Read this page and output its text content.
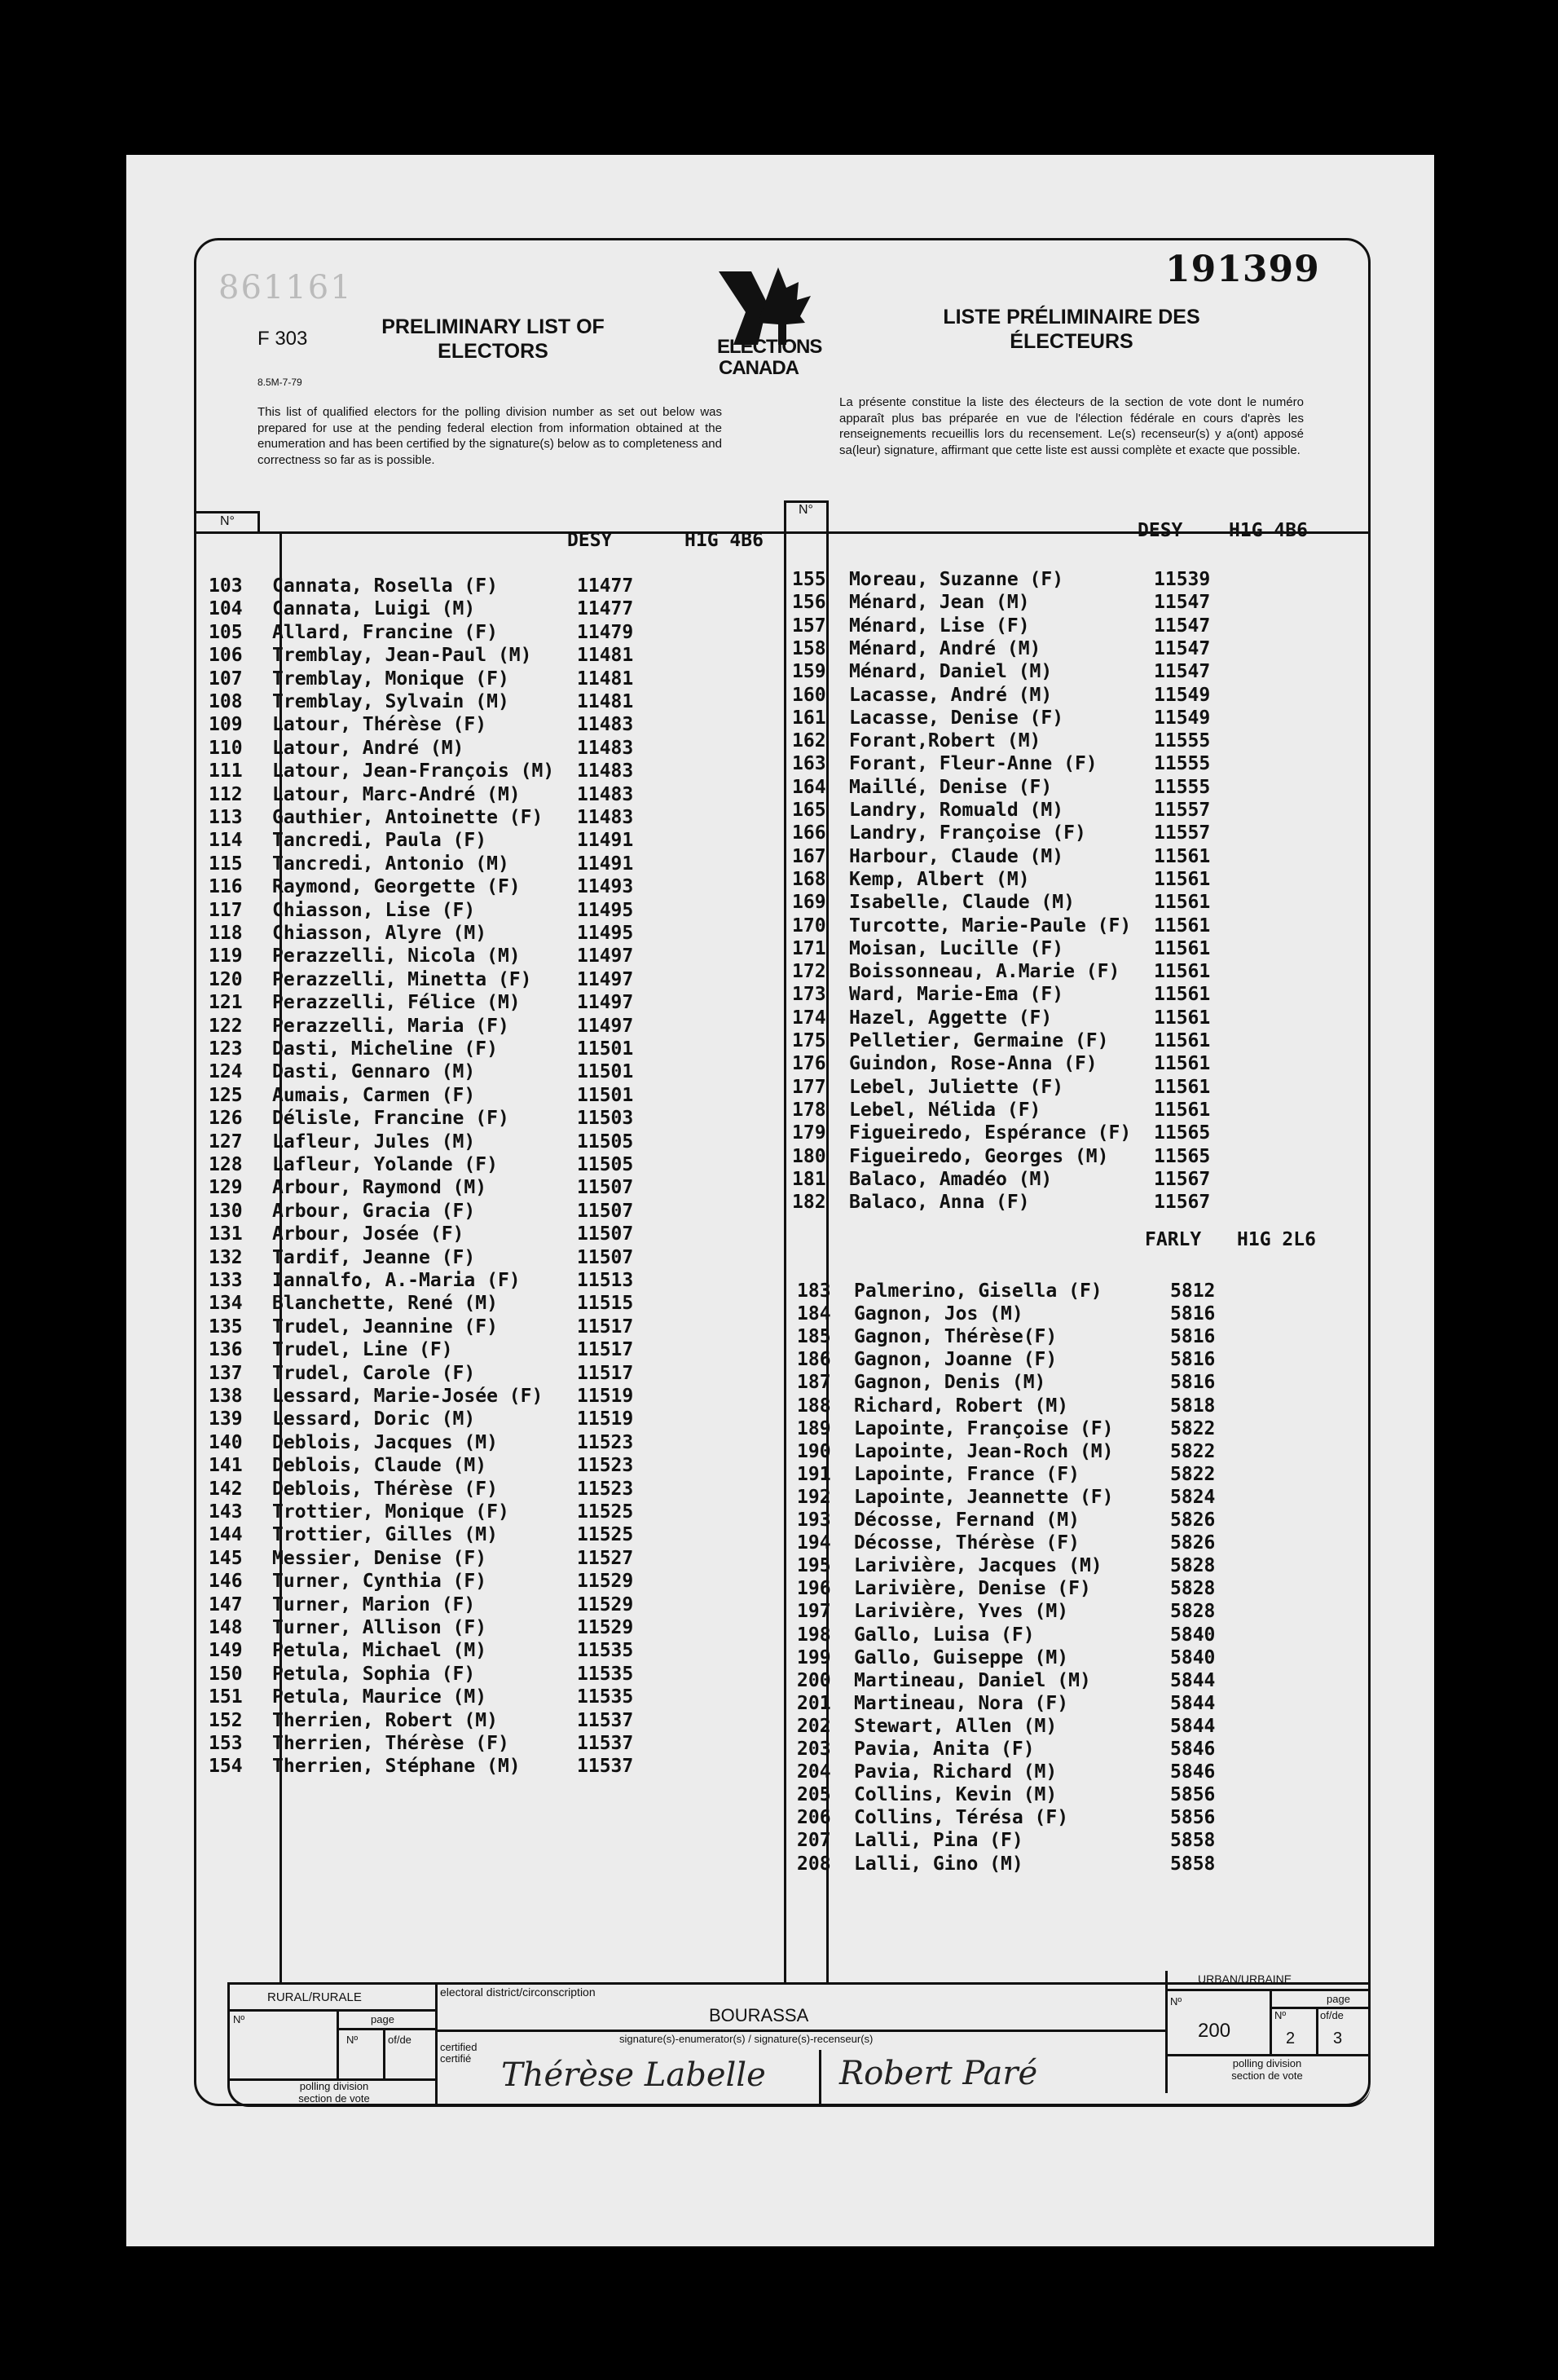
861161	191399
F 303
PRELIMINARY LIST OF
ELECTORS	ELECTIONS
CANADA
LISTE PRÉLIMINAIRE DES
ÉLECTEURS
8.5M-7-79
This list of qualified electors for the polling division number as set out below was prepared for use at the pending federal election from information obtained at the enumeration and has been certified by the signature(s) below as to completeness and correctness so far as is possible.
La présente constitue la liste des électeurs de la section de vote dont le numéro apparaît plus bas préparée en vue de l'élection fédérale en cours d'après les renseignements recueillis lors du recensement. Le(s) recenseur(s) y a(ont) apposé sa(leur) signature, affirmant que cette liste est aussi complète et exacte que possible.
N°
N°
DESY	H1G 4B6	DESY H1G 4B6
FARLY H1G 2L6
103 Cannata, Rosella (F)	11477
104 Cannata, Luigi (M)	11477
105 Allard, Francine (F)	11479
106 Tremblay, Jean-Paul (M) 11481
107 Tremblay, Monique (F)	11481
108 Tremblay, Sylvain (M)	11481
109 Latour, Thérèse (F)	11483
110 Latour, André (M)	11483
111 Latour, Jean-François (M) 11483
112 Latour, Marc-André (M)	11483
113 Gauthier, Antoinette (F) 11483
114 Tancredi, Paula (F)	11491
115 Tancredi, Antonio (M)	11491
116 Raymond, Georgette (F)	11493
117 Chiasson, Lise (F)	11495
118 Chiasson, Alyre (M)	11495
119 Perazzelli, Nicola (M)	11497
120 Perazzelli, Minetta (F) 11497
121 Perazzelli, Félice (M)	11497
122 Perazzelli, Maria (F)	11497
123 Dasti, Micheline (F)	11501
124 Dasti, Gennaro (M)	11501
125 Aumais, Carmen (F)	11501
126 Délisle, Francine (F)	11503
127 Lafleur, Jules (M)	11505
128 Lafleur, Yolande (F)	11505
129 Arbour, Raymond (M)	11507
130 Arbour, Gracia (F)	11507
131 Arbour, Josée (F)	11507
132 Tardif, Jeanne (F)	11507
133 Iannalfo, A.-Maria (F)	11513
134 Blanchette, René (M)	11515
135 Trudel, Jeannine (F)	11517
136 Trudel, Line (F)	11517
137 Trudel, Carole (F)	11517
138 Lessard, Marie-Josée (F) 11519
139 Lessard, Doric (M)	11519
140 Deblois, Jacques (M)	11523
141 Deblois, Claude (M)	11523
142 Deblois, Thérèse (F)	11523
143 Trottier, Monique (F)	11525
144 Trottier, Gilles (M)	11525
145 Messier, Denise (F)	11527
146 Turner, Cynthia (F)	11529
147 Turner, Marion (F)	11529
148 Turner, Allison (F)	11529
149 Petula, Michael (M)	11535
150 Petula, Sophia (F)	11535
151 Petula, Maurice (M)	11535
152 Therrien, Robert (M)	11537
153 Therrien, Thérèse (F)	11537
154 Therrien, Stéphane (M)	11537
155 Moreau, Suzanne (F)	11539
156 Ménard, Jean (M)	11547
157 Ménard, Lise (F)	11547
158 Ménard, André (M)	11547
159 Ménard, Daniel (M)	11547
160 Lacasse, André (M)	11549
161 Lacasse, Denise (F)	11549
162 Forant,Robert (M)	11555
163 Forant, Fleur-Anne (F)	11555
164 Maillé, Denise (F)	11555
165 Landry, Romuald (M)	11557
166 Landry, Françoise (F)	11557
167 Harbour, Claude (M)	11561
168 Kemp, Albert (M)	11561
169 Isabelle, Claude (M)	11561
170 Turcotte, Marie-Paule (F) 11561
171 Moisan, Lucille (F)	11561
172 Boissonneau, A.Marie (F) 11561
173 Ward, Marie-Ema (F)	11561
174 Hazel, Aggette (F)	11561
175 Pelletier, Germaine (F) 11561
176 Guindon, Rose-Anna (F)	11561
177 Lebel, Juliette (F)	11561
178 Lebel, Nélida (F)	11561
179 Figueiredo, Espérance (F) 11565
180 Figueiredo, Georges (M) 11565
181 Balaco, Amadéo (M)	11567
182 Balaco, Anna (F)	11567
183 Palmerino, Gisella (F)	5812
184 Gagnon, Jos (M)	5816
185 Gagnon, Thérèse(F)	5816
186 Gagnon, Joanne (F)	5816
187 Gagnon, Denis (M)	5816
188 Richard, Robert (M)	5818
189 Lapointe, Françoise (F)	5822
190 Lapointe, Jean-Roch (M)	5822
191 Lapointe, France (F)	5822
192 Lapointe, Jeannette (F)	5824
193 Décosse, Fernand (M)	5826
194 Décosse, Thérèse (F)	5826
195 Larivière, Jacques (M)	5828
196 Larivière, Denise (F)	5828
197 Larivière, Yves (M)	5828
198 Gallo, Luisa (F)	5840
199 Gallo, Guiseppe (M)	5840
200 Martineau, Daniel (M)	5844
201 Martineau, Nora (F)	5844
202 Stewart, Allen (M)	5844
203 Pavia, Anita (F)	5846
204 Pavia, Richard (M)	5846
205 Collins, Kevin (M)	5856
206 Collins, Térésa (F)	5856
207 Lalli, Pina (F)	5858
208 Lalli, Gino (M)	5858
RURAL/RURALE
Nº	page
Nº	of/de
polling division
section de vote
electoral district/circonscription
BOURASSA
certified
certifié
signature(s)-enumerator(s) / signature(s)-recenseur(s)
Thérèse Labelle Robert Paré
URBAN/URBAINE
Nº	page
200
Nº
2
of/de
3
polling division
section de vote
